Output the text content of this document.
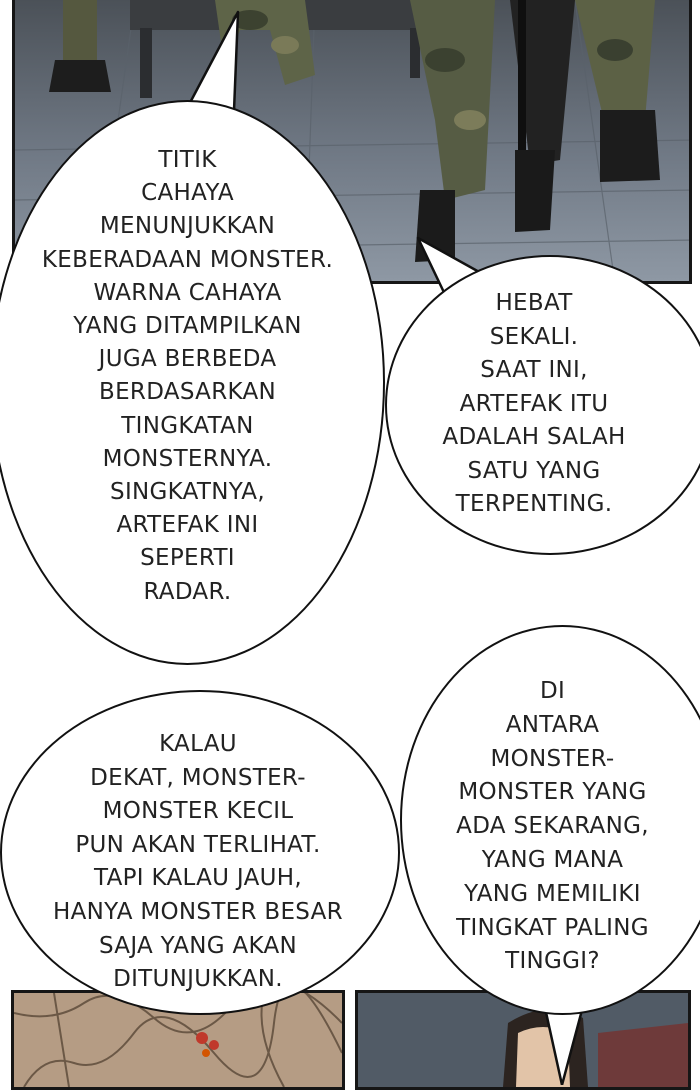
TITIK
CAHAYA
MENUNJUKKAN
KEBERADAAN MONSTER.
WARNA CAHAYA
YANG DITAMPILKAN
JUGA BERBEDA
BERDASARKAN
TINGKATAN
MONSTERNYA.
SINGKATNYA,
ARTEFAK INI
SEPERTI
RADAR.
HEBAT
SEKALI.
SAAT INI,
ARTEFAK ITU
ADALAH SALAH
SATU YANG
TERPENTING.
KALAU
DEKAT, MONSTER-
MONSTER KECIL
PUN AKAN TERLIHAT.
TAPI KALAU JAUH,
HANYA MONSTER BESAR
SAJA YANG AKAN
DITUNJUKKAN.
DI
ANTARA
MONSTER-
MONSTER YANG
ADA SEKARANG,
YANG MANA
YANG MEMILIKI
TINGKAT PALING
TINGGI?
